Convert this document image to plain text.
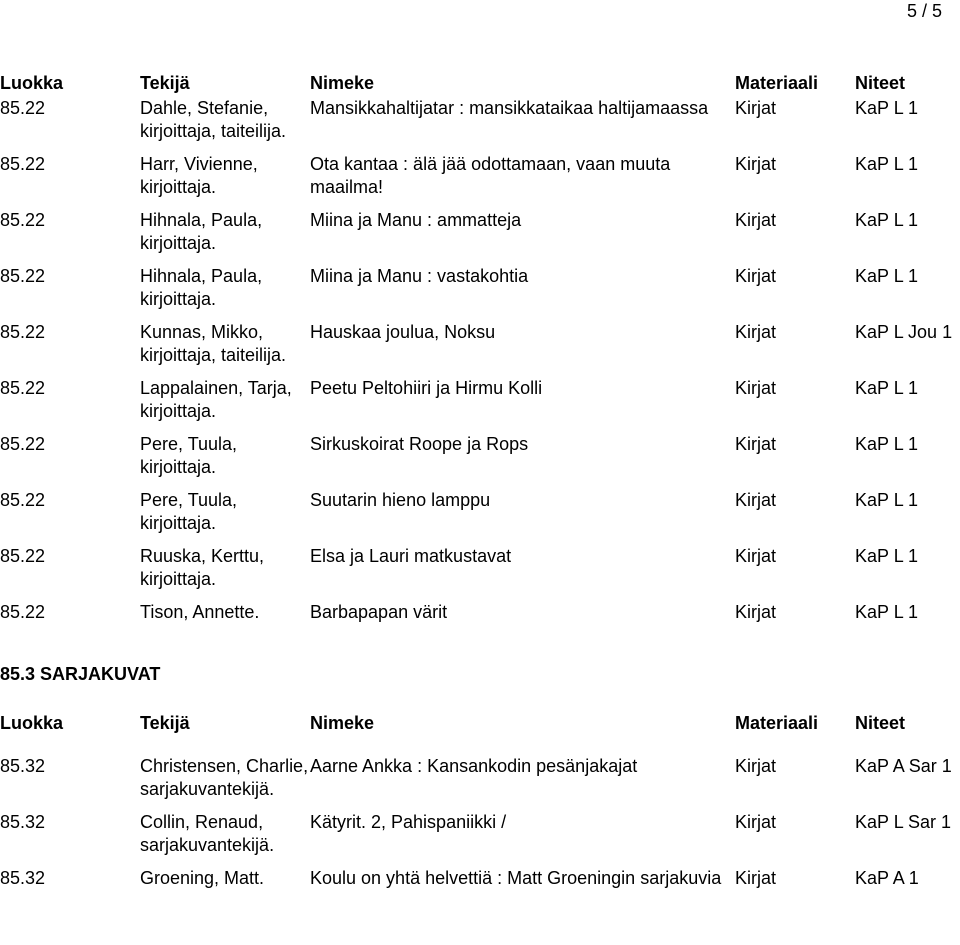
5 / 5
Luokka	Tekijä	Nimeke	Materiaali	Niteet
85.22	Dahle, Stefanie, kirjoittaja, taiteilija.	Mansikkahaltijatar : mansikkataikaa haltijamaassa	Kirjat	KaP L 1

85.22	Harr, Vivienne, kirjoittaja.	Ota kantaa : älä jää odottamaan, vaan muuta maailma!	Kirjat	KaP L 1

85.22	Hihnala, Paula, kirjoittaja.	Miina ja Manu : ammatteja	Kirjat	KaP L 1

85.22	Hihnala, Paula, kirjoittaja.	Miina ja Manu : vastakohtia	Kirjat	KaP L 1

85.22	Kunnas, Mikko, kirjoittaja, taiteilija.	Hauskaa joulua, Noksu	Kirjat	KaP L Jou 1

85.22	Lappalainen, Tarja, kirjoittaja.	Peetu Peltohiiri ja Hirmu Kolli	Kirjat	KaP L 1

85.22	Pere, Tuula, kirjoittaja.	Sirkuskoirat Roope ja Rops	Kirjat	KaP L 1

85.22	Pere, Tuula, kirjoittaja.	Suutarin hieno lamppu	Kirjat	KaP L 1

85.22	Ruuska, Kerttu, kirjoittaja.	Elsa ja Lauri matkustavat	Kirjat	KaP L 1

85.22	Tison, Annette.	Barbapapan värit	Kirjat	KaP L 1
85.3 SARJAKUVAT
Luokka	Tekijä	Nimeke	Materiaali	Niteet

85.32	Christensen, Charlie, sarjakuvantekijä.	Aarne Ankka : Kansankodin pesänjakajat	Kirjat	KaP A Sar 1

85.32	Collin, Renaud, sarjakuvantekijä.	Kätyrit. 2, Pahispaniikki /	Kirjat	KaP L Sar 1

85.32	Groening, Matt.	Koulu on yhtä helvettiä : Matt Groeningin sarjakuvia	Kirjat	KaP A 1
